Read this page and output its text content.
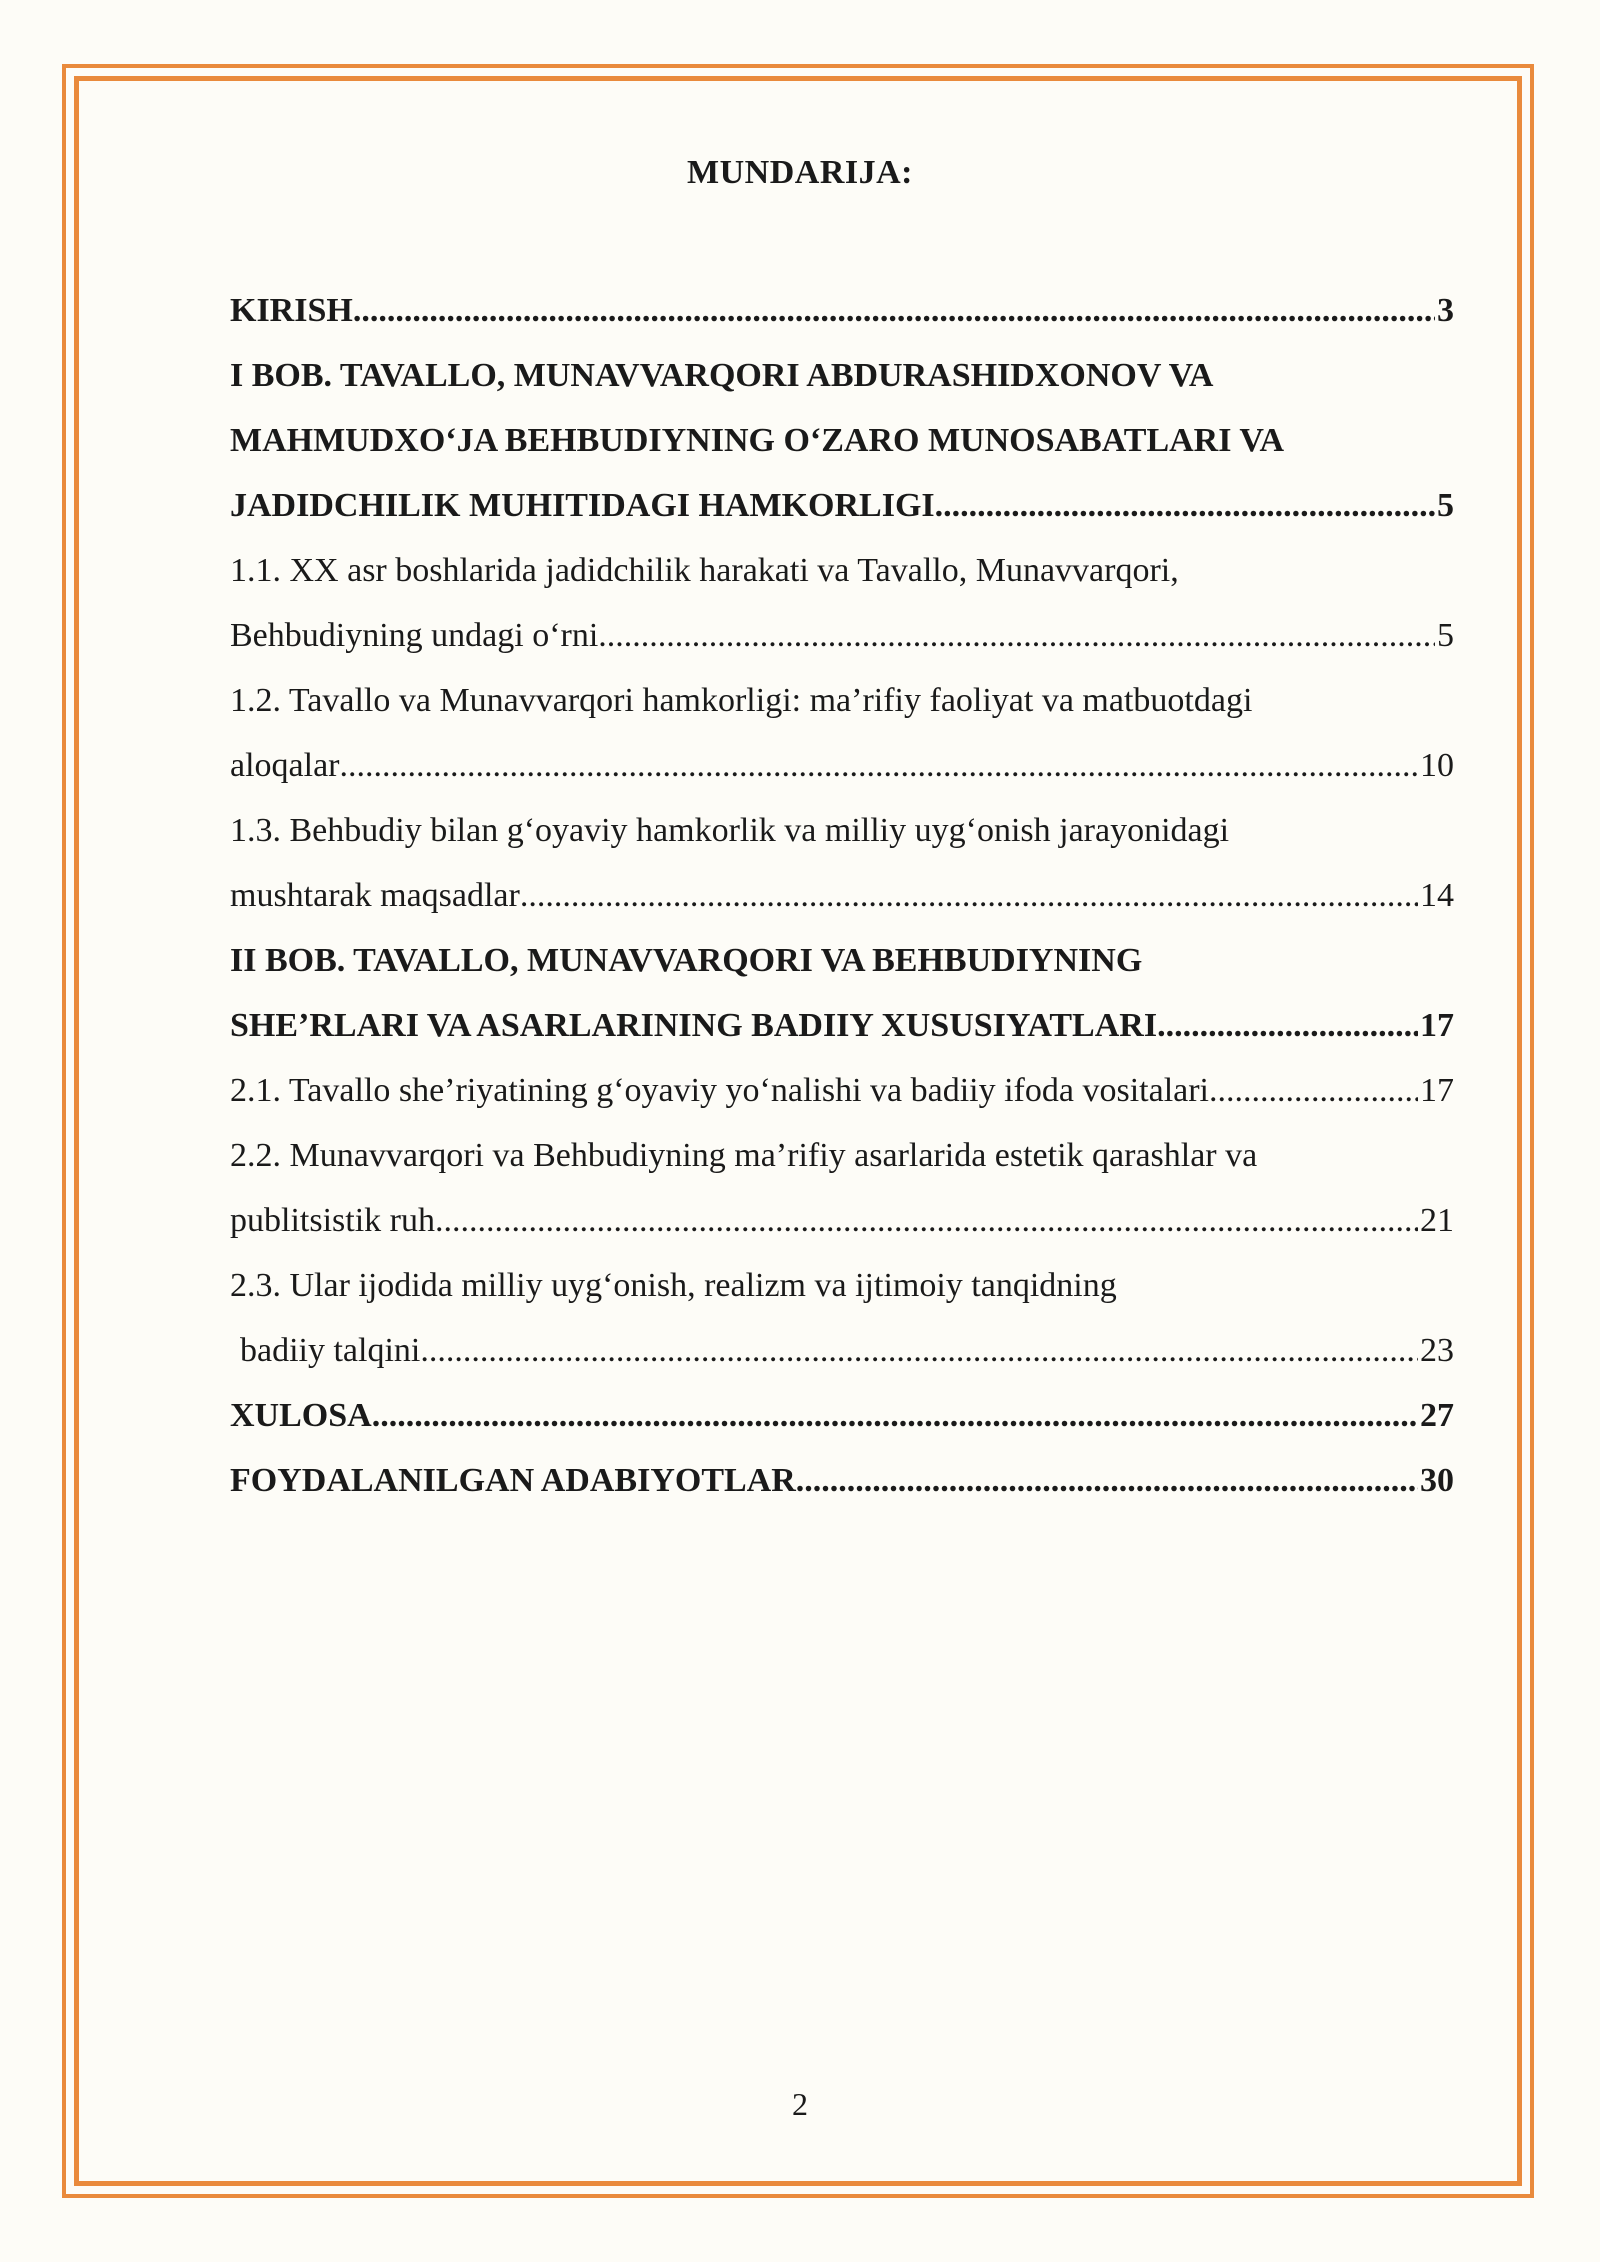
MUNDARIJA:
KIRISH .....	3
I BOB. TAVALLO, MUNAVVARQORI ABDURASHIDXONOV VA
MAHMUDXO‘JA BEHBUDIYNING O‘ZARO MUNOSABATLARI VA
JADIDCHILIK MUHITIDAGI HAMKORLIGI .....	5
1.1. XX asr boshlarida jadidchilik harakati va Tavallo, Munavvarqori,
Behbudiyning undagi o‘rni .....	5
1.2. Tavallo va Munavvarqori hamkorligi: ma’rifiy faoliyat va matbuotdagi
aloqalar .....	10
1.3. Behbudiy bilan g‘oyaviy hamkorlik va milliy uyg‘onish jarayonidagi
mushtarak maqsadlar .....	14
II BOB. TAVALLO, MUNAVVARQORI VA BEHBUDIYNING
SHE’RLARI VA ASARLARINING BADIIY XUSUSIYATLARI .....	17
2.1. Tavallo she’riyatining g‘oyaviy yo‘nalishi va badiiy ifoda vositalari .....	17
2.2. Munavvarqori va Behbudiyning ma’rifiy asarlarida estetik qarashlar va
publitsistik ruh .....	21
2.3. Ular ijodida milliy uyg‘onish, realizm va ijtimoiy tanqidning
badiiy talqini .....	23
XULOSA .....	27
FOYDALANILGAN ADABIYOTLAR .....	30
2
